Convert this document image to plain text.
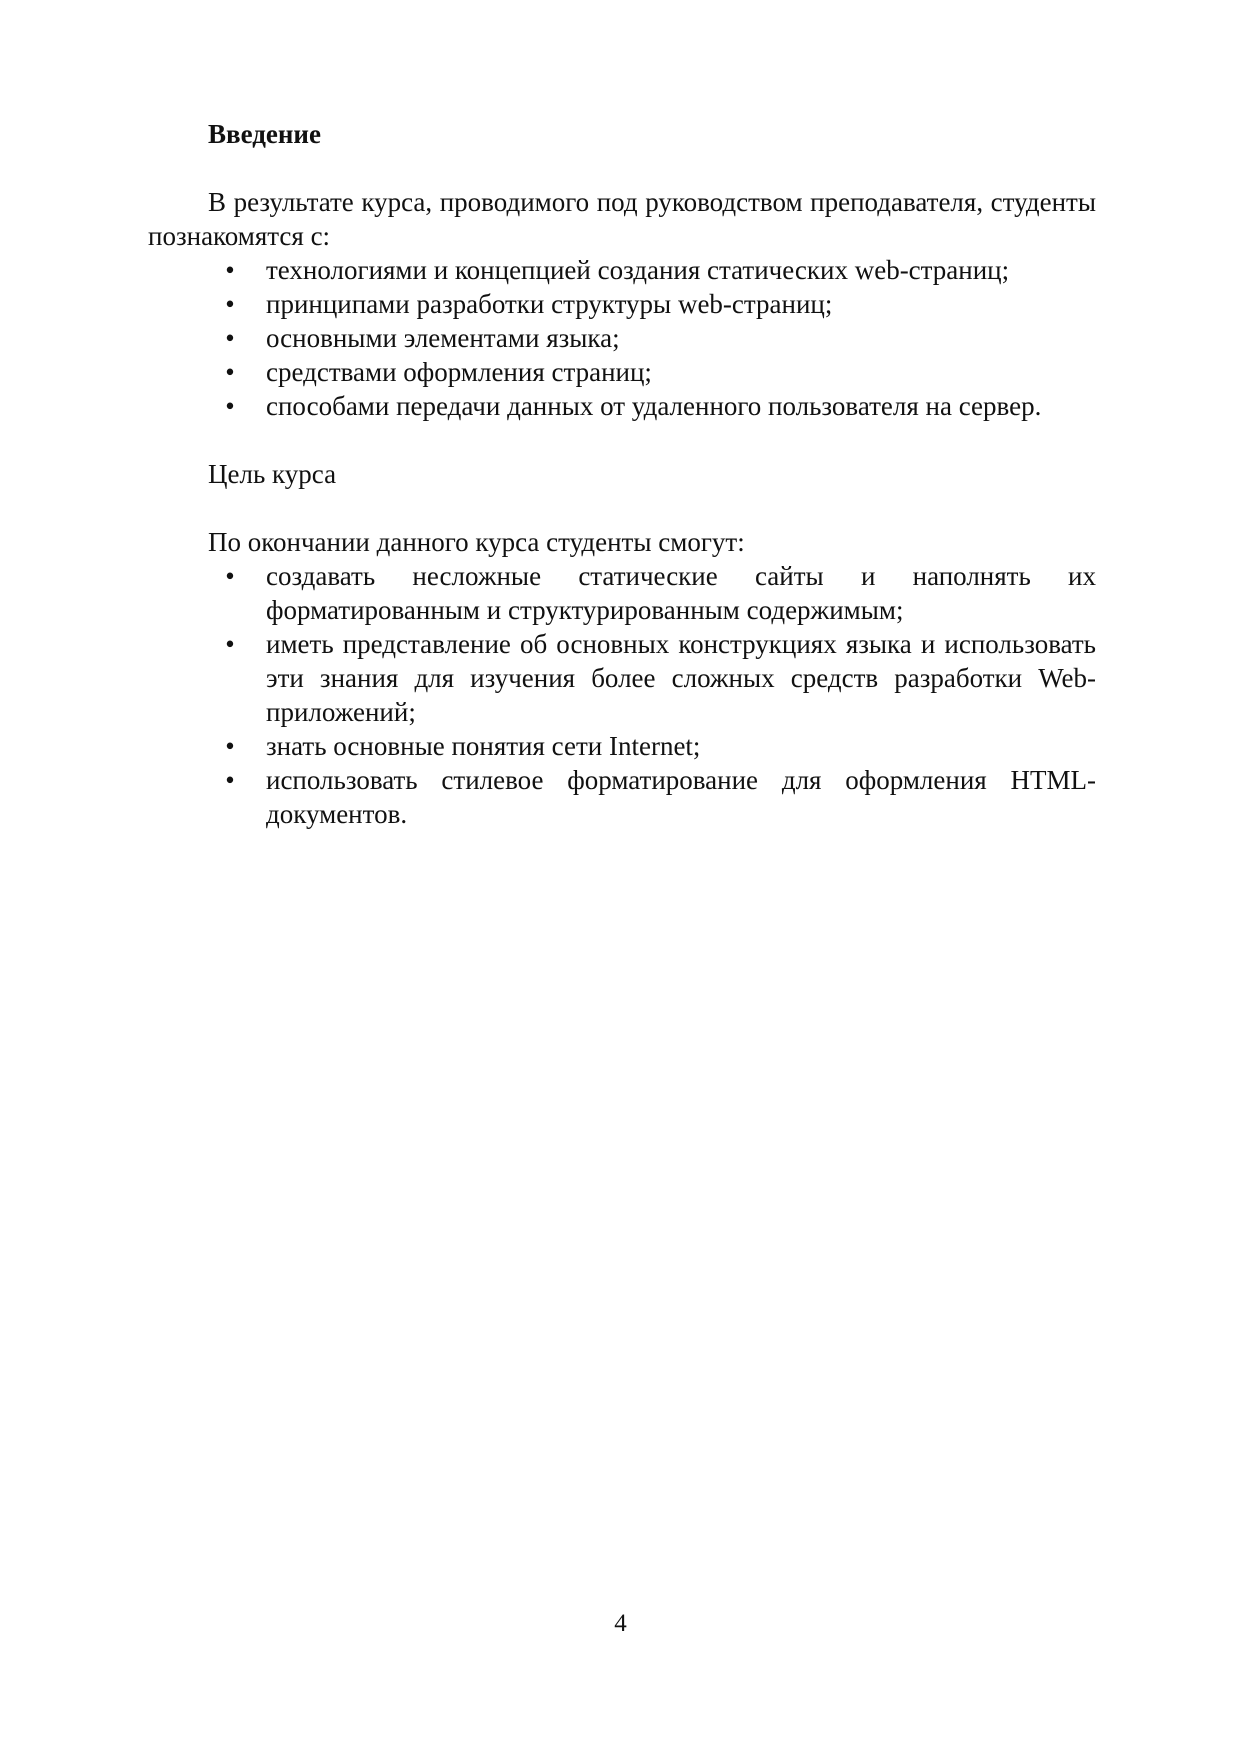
Введение

В результате курса, проводимого под руководством преподавателя, студенты познакомятся с:

• технологиями и концепцией создания статических web-страниц;
• принципами разработки структуры web-страниц;
• основными элементами языка;
• средствами оформления страниц;
• способами передачи данных от удаленного пользователя на сервер.

Цель курса

По окончании данного курса студенты смогут:

• создавать несложные статические сайты и наполнять их форматированным и структурированным содержимым;
• иметь представление об основных конструкциях языка и использовать эти знания для изучения более сложных средств разработки Web-приложений;
• знать основные понятия сети Internet;
• использовать стилевое форматирование для оформления HTML-документов.
4
